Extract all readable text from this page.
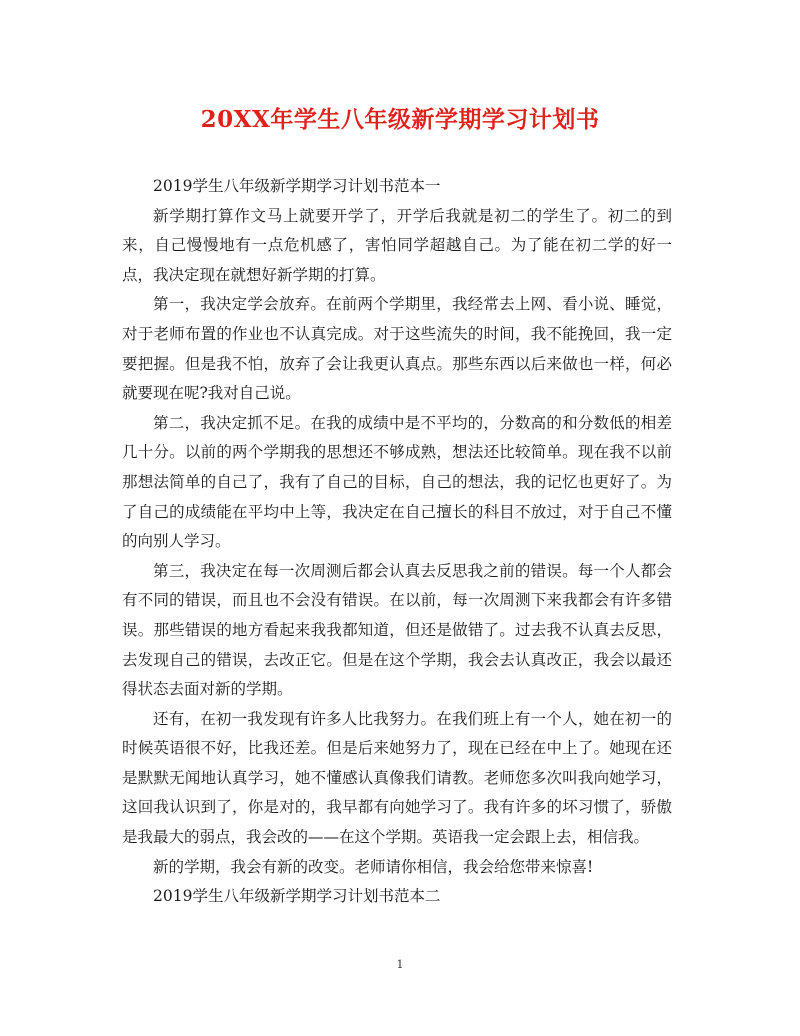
20XX年学生八年级新学期学习计划书

2019学生八年级新学期学习计划书范本一

新学期打算作文马上就要开学了，开学后我就是初二的学生了。初二的到来，自己慢慢地有一点危机感了，害怕同学超越自己。为了能在初二学的好一点，我决定现在就想好新学期的打算。

第一，我决定学会放弃。在前两个学期里，我经常去上网、看小说、睡觉，对于老师布置的作业也不认真完成。对于这些流失的时间，我不能挽回，我一定要把握。但是我不怕，放弃了会让我更认真点。那些东西以后来做也一样，何必就要现在呢?我对自己说。

第二，我决定抓不足。在我的成绩中是不平均的，分数高的和分数低的相差几十分。以前的两个学期我的思想还不够成熟，想法还比较简单。现在我不以前那想法简单的自己了，我有了自己的目标，自己的想法，我的记忆也更好了。为了自己的成绩能在平均中上等，我决定在自己擅长的科目不放过，对于自己不懂的向别人学习。

第三，我决定在每一次周测后都会认真去反思我之前的错误。每一个人都会有不同的错误，而且也不会没有错误。在以前，每一次周测下来我都会有许多错误。那些错误的地方看起来我我都知道，但还是做错了。过去我不认真去反思，去发现自己的错误，去改正它。但是在这个学期，我会去认真改正，我会以最还得状态去面对新的学期。

还有，在初一我发现有许多人比我努力。在我们班上有一个人，她在初一的时候英语很不好，比我还差。但是后来她努力了，现在已经在中上了。她现在还是默默无闻地认真学习，她不懂感认真像我们请教。老师您多次叫我向她学习，这回我认识到了，你是对的，我早都有向她学习了。我有许多的坏习惯了，骄傲是我最大的弱点，我会改的——在这个学期。英语我一定会跟上去，相信我。

新的学期，我会有新的改变。老师请你相信，我会给您带来惊喜!

2019学生八年级新学期学习计划书范本二

1
